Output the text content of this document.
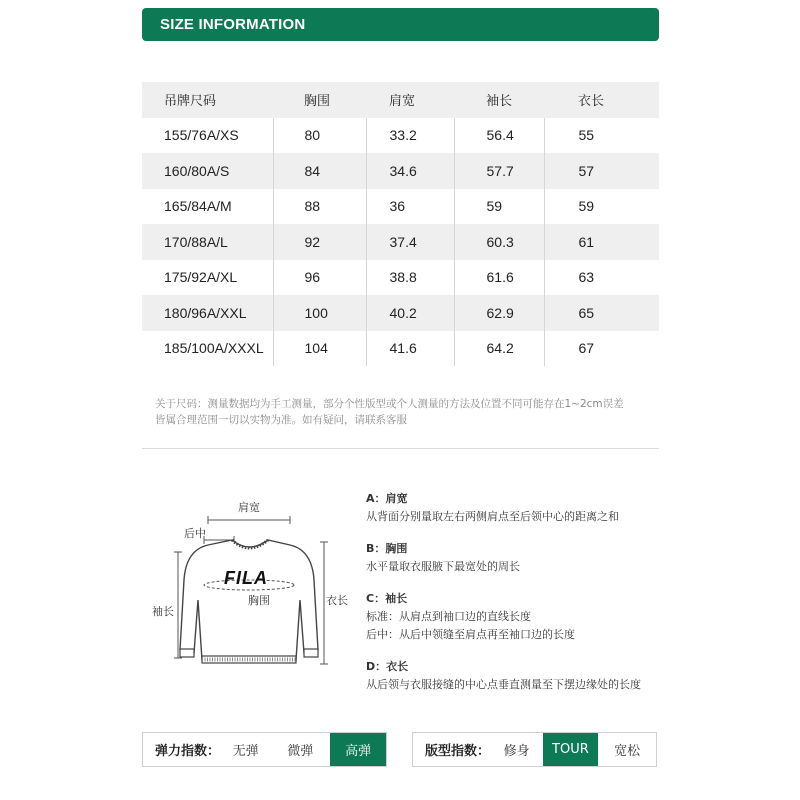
SIZE INFORMATION
吊牌尺码	胸围	肩宽	袖长	衣长
155/76A/XS	80	33.2	56.4	55
160/80A/S	84	34.6	57.7	57
165/84A/M	88	36	59	59
170/88A/L	92	37.4	60.3	61
175/92A/XL	96	38.8	61.6	63
180/96A/XXL	100	40.2	62.9	65
185/100A/XXXL	104	41.6	64.2	67
关于尺码：测量数据均为手工测量，部分个性版型或个人测量的方法及位置不同可能存在1~2cm误差
皆属合理范围一切以实物为准。如有疑问，请联系客服
肩宽
后中
FILA
胸围
袖长
衣长
A：肩宽
从背面分别量取左右两侧肩点至后领中心的距离之和
B：胸围
水平量取衣服腋下最宽处的周长
C：袖长
标准：从肩点到袖口边的直线长度
后中：从后中领缝至肩点再至袖口边的长度
D：衣长
从后领与衣服接缝的中心点垂直测量至下摆边缘处的长度
弹力指数： 无弹	微弹	高弹	版型指数：	修身	TOUR	宽松
